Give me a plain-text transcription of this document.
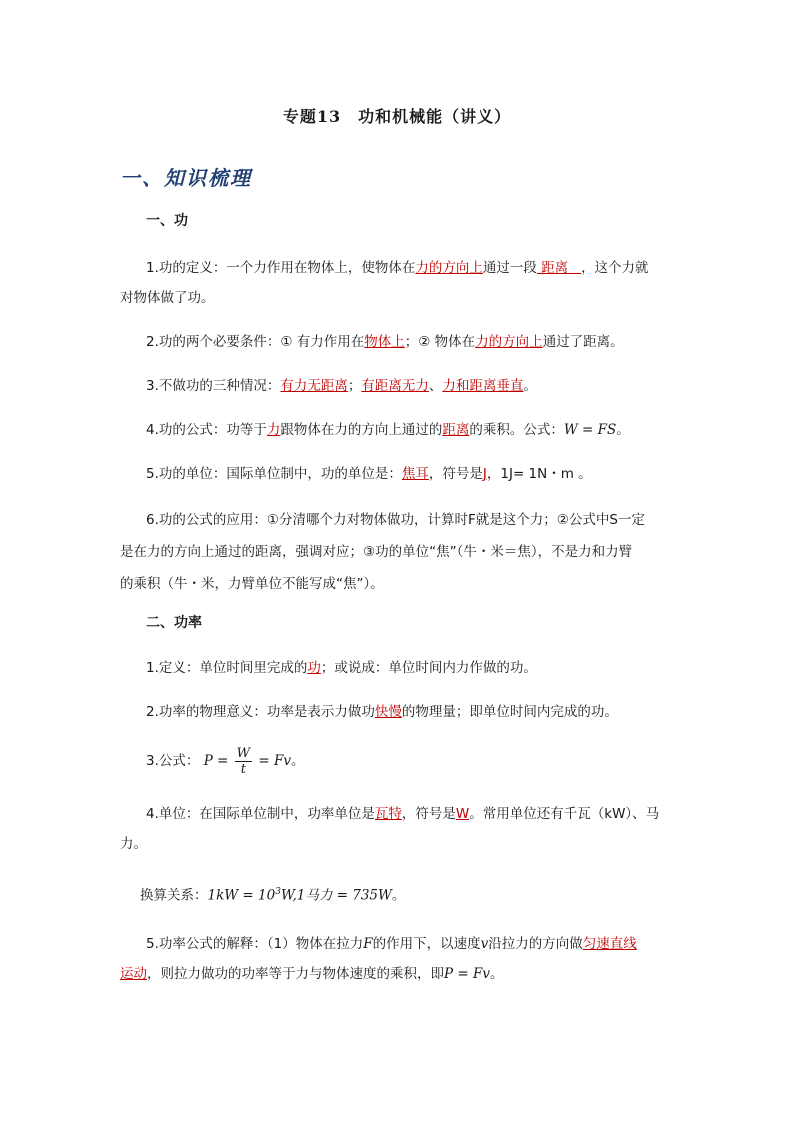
专题13　功和机械能（讲义）
一、知识梳理
一、功
1.功的定义：一个力作用在物体上，使物体在力的方向上通过一段 距离 ，这个力就
对物体做了功。
2.功的两个必要条件：① 有力作用在物体上；② 物体在力的方向上通过了距离。
3.不做功的三种情况：有力无距离；有距离无力、力和距离垂直。
4.功的公式：功等于力跟物体在力的方向上通过的距离的乘积。公式：W = FS。
5.功的单位：国际单位制中，功的单位是：焦耳，符号是J，1J= 1N・m 。
6.功的公式的应用：①分清哪个力对物体做功，计算时F就是这个力；②公式中S一定
是在力的方向上通过的距离，强调对应；③功的单位“焦”（牛・米＝焦），不是力和力臂
的乘积（牛・米，力臂单位不能写成“焦”）。
二、功率
1.定义：单位时间里完成的功；或说成：单位时间内力作做的功。
2.功率的物理意义：功率是表示力做功快慢的物理量；即单位时间内完成的功。
3.公式： $P = \frac{W}{t} = Fv$。
4.单位：在国际单位制中，功率单位是瓦特，符号是W。常用单位还有千瓦（kW）、马
力。
换算关系：$1kW = 10^3W,1$马力 = 735W。
5.功率公式的解释：（1）物体在拉力F的作用下，以速度v沿拉力的方向做匀速直线
运动，则拉力做功的功率等于力与物体速度的乘积，即P = Fv。
